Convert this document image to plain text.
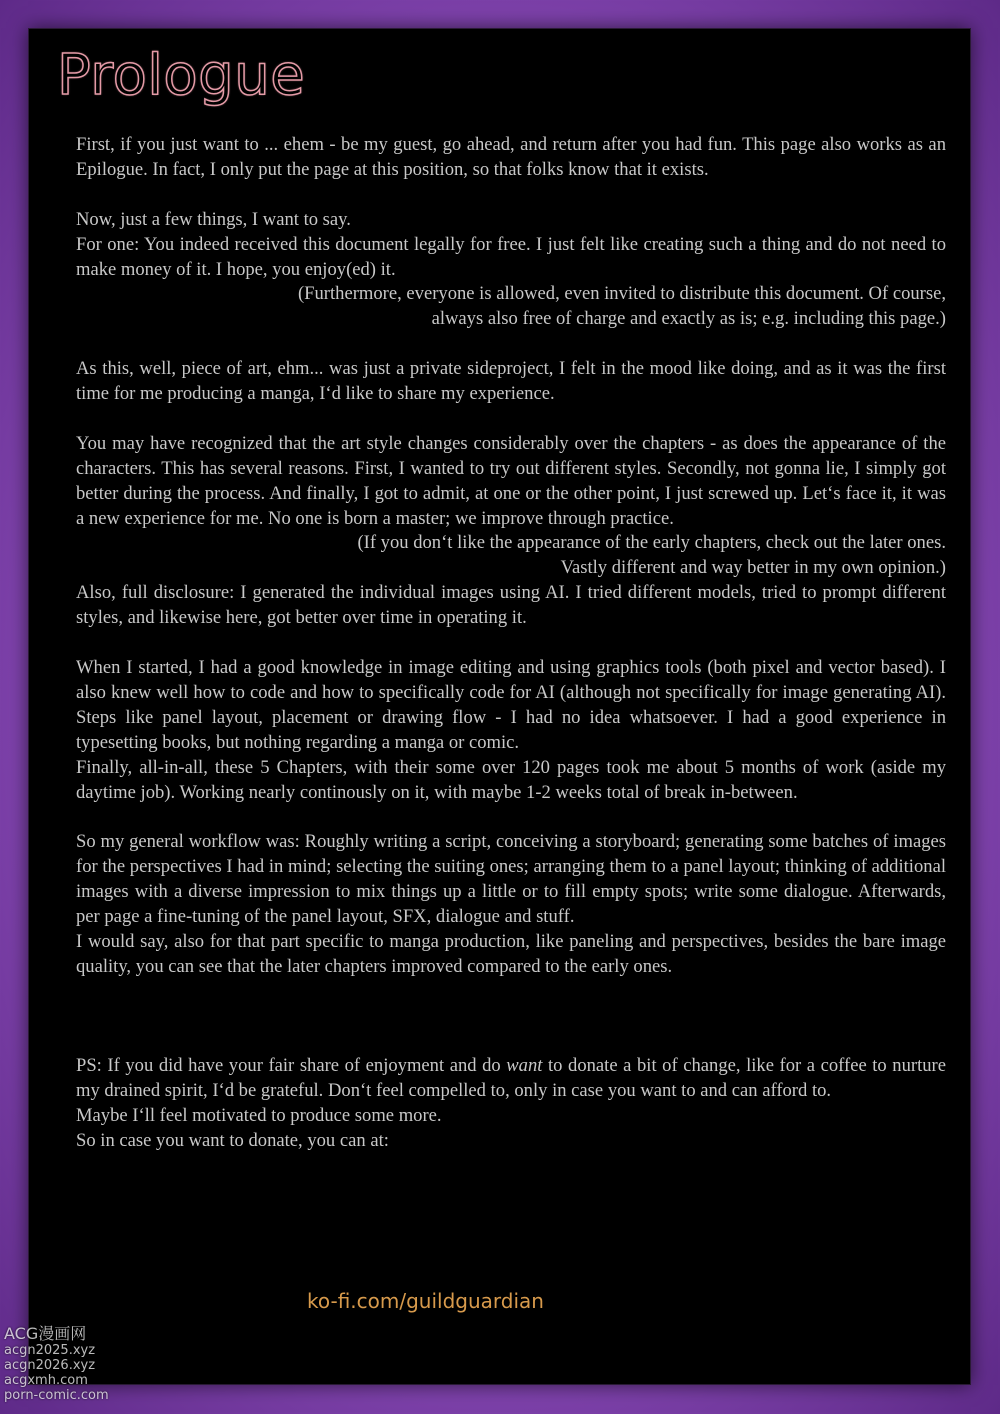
Prologue

First, if you just want to ... ehem - be my guest, go ahead, and return after you had fun. This page also works as an Epilogue. In fact, I only put the page at this position, so that folks know that it exists.

Now, just a few things, I want to say.

For one: You indeed received this document legally for free. I just felt like creating such a thing and do not need to make money of it. I hope, you enjoy(ed) it.

(Furthermore, everyone is allowed, even invited to distribute this document. Of course,

always also free of charge and exactly as is; e.g. including this page.)

As this, well, piece of art, ehm... was just a private sideproject, I felt in the mood like doing, and as it was the first time for me producing a manga, I‘d like to share my experience.

You may have recognized that the art style changes considerably over the chapters - as does the appearance of the characters. This has several reasons. First, I wanted to try out different styles. Secondly, not gonna lie, I simply got better during the process. And finally, I got to admit, at one or the other point, I just screwed up. Let‘s face it, it was a new experience for me. No one is born a master; we improve through practice.

(If you don‘t like the appearance of the early chapters, check out the later ones.

Vastly different and way better in my own opinion.)

Also, full disclosure: I generated the individual images using AI. I tried different models, tried to prompt different styles, and likewise here, got better over time in operating it.

When I started, I had a good knowledge in image editing and using graphics tools (both pixel and vector based). I also knew well how to code and how to specifically code for AI (although not specifically for image generating AI). Steps like panel layout, placement or drawing flow - I had no idea whatsoever. I had a good experience in typesetting books, but nothing regarding a manga or comic.

Finally, all-in-all, these 5 Chapters, with their some over 120 pages took me about 5 months of work (aside my daytime job). Working nearly continously on it, with maybe 1-2 weeks total of break in-between.

So my general workflow was: Roughly writing a script, conceiving a storyboard; generating some batches of images for the perspectives I had in mind; selecting the suiting ones; arranging them to a panel layout; thinking of additional images with a diverse impression to mix things up a little or to fill empty spots; write some dialogue. Afterwards, per page a fine-tuning of the panel layout, SFX, dialogue and stuff.

I would say, also for that part specific to manga production, like paneling and perspectives, besides the bare image quality, you can see that the later chapters improved compared to the early ones.

PS: If you did have your fair share of enjoyment and do want to donate a bit of change, like for a coffee to nurture my drained spirit, I‘d be grateful. Don‘t feel compelled to, only in case you want to and can afford to.

Maybe I‘ll feel motivated to produce some more.

So in case you want to donate, you can at:

ko-fi.com/guildguardian
ACG漫画网
acgn2025.xyz
acgn2026.xyz
acgxmh.com
porn-comic.com
